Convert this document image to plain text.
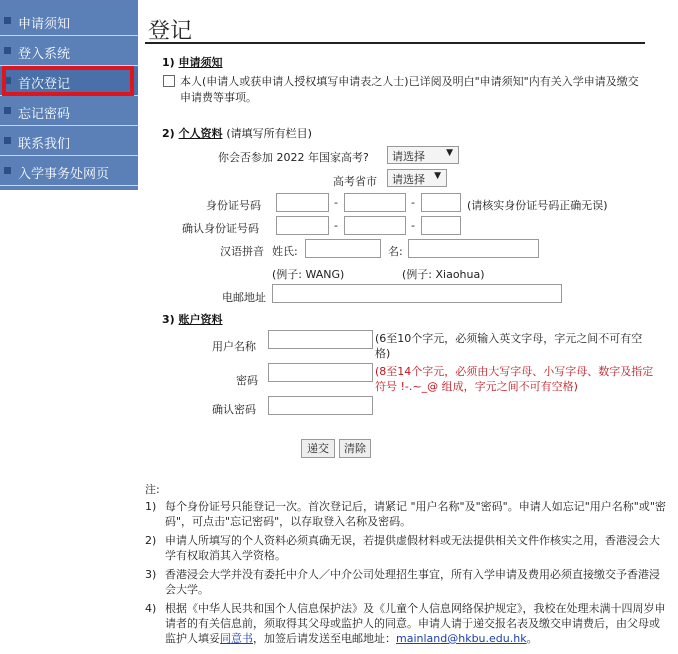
申请须知
登入系统
首次登记
忘记密码
联系我们
入学事务处网页
登记
1) 申请须知
本人(申请人或获申请人授权填写申请表之人士)已详阅及明白"申请须知"内有关入学申请及缴交
申请费等事项。
2) 个人资料 (请填写所有栏目)
你会否参加 2022 年国家高考? 请选择 ▼
高考省市 请选择 ▼
身份证号码	-	-	(请核实身份证号码正确无误)
确认身份证号码	-	-
汉语拼音 姓氏:	名:
(例子: WANG)	(例子: Xiaohua)
电邮地址
3) 账户资料
用户名称
(6至10个字元，必须输入英文字母，字元之间不可有空
格)
密码
(8至14个字元，必须由大写字母、小写字母、数字及指定
符号 !-.~_@ 组成，字元之间不可有空格)
确认密码
递交	清除
注:
1) 每个身份证号只能登记一次。首次登记后，请紧记 "用户名称"及"密码"。申请人如忘记"用户名称"或"密码"，可点击"忘记密码"，以存取登入名称及密码。
2) 申请人所填写的个人资料必须真确无误，若提供虚假材料或无法提供相关文件作核实之用，香港浸会大学有权取消其入学资格。
3) 香港浸会大学并没有委托中介人／中介公司处理招生事宜，所有入学申请及费用必须直接缴交予香港浸会大学。
4) 根据《中华人民共和国个人信息保护法》及《儿童个人信息网络保护规定》，我校在处理未满十四周岁申请者的有关信息前，须取得其父母或监护人的同意。申请人请于递交报名表及缴交申请费后，由父母或监护人填妥同意书，加签后请发送至电邮地址：mainland@hkbu.edu.hk。
